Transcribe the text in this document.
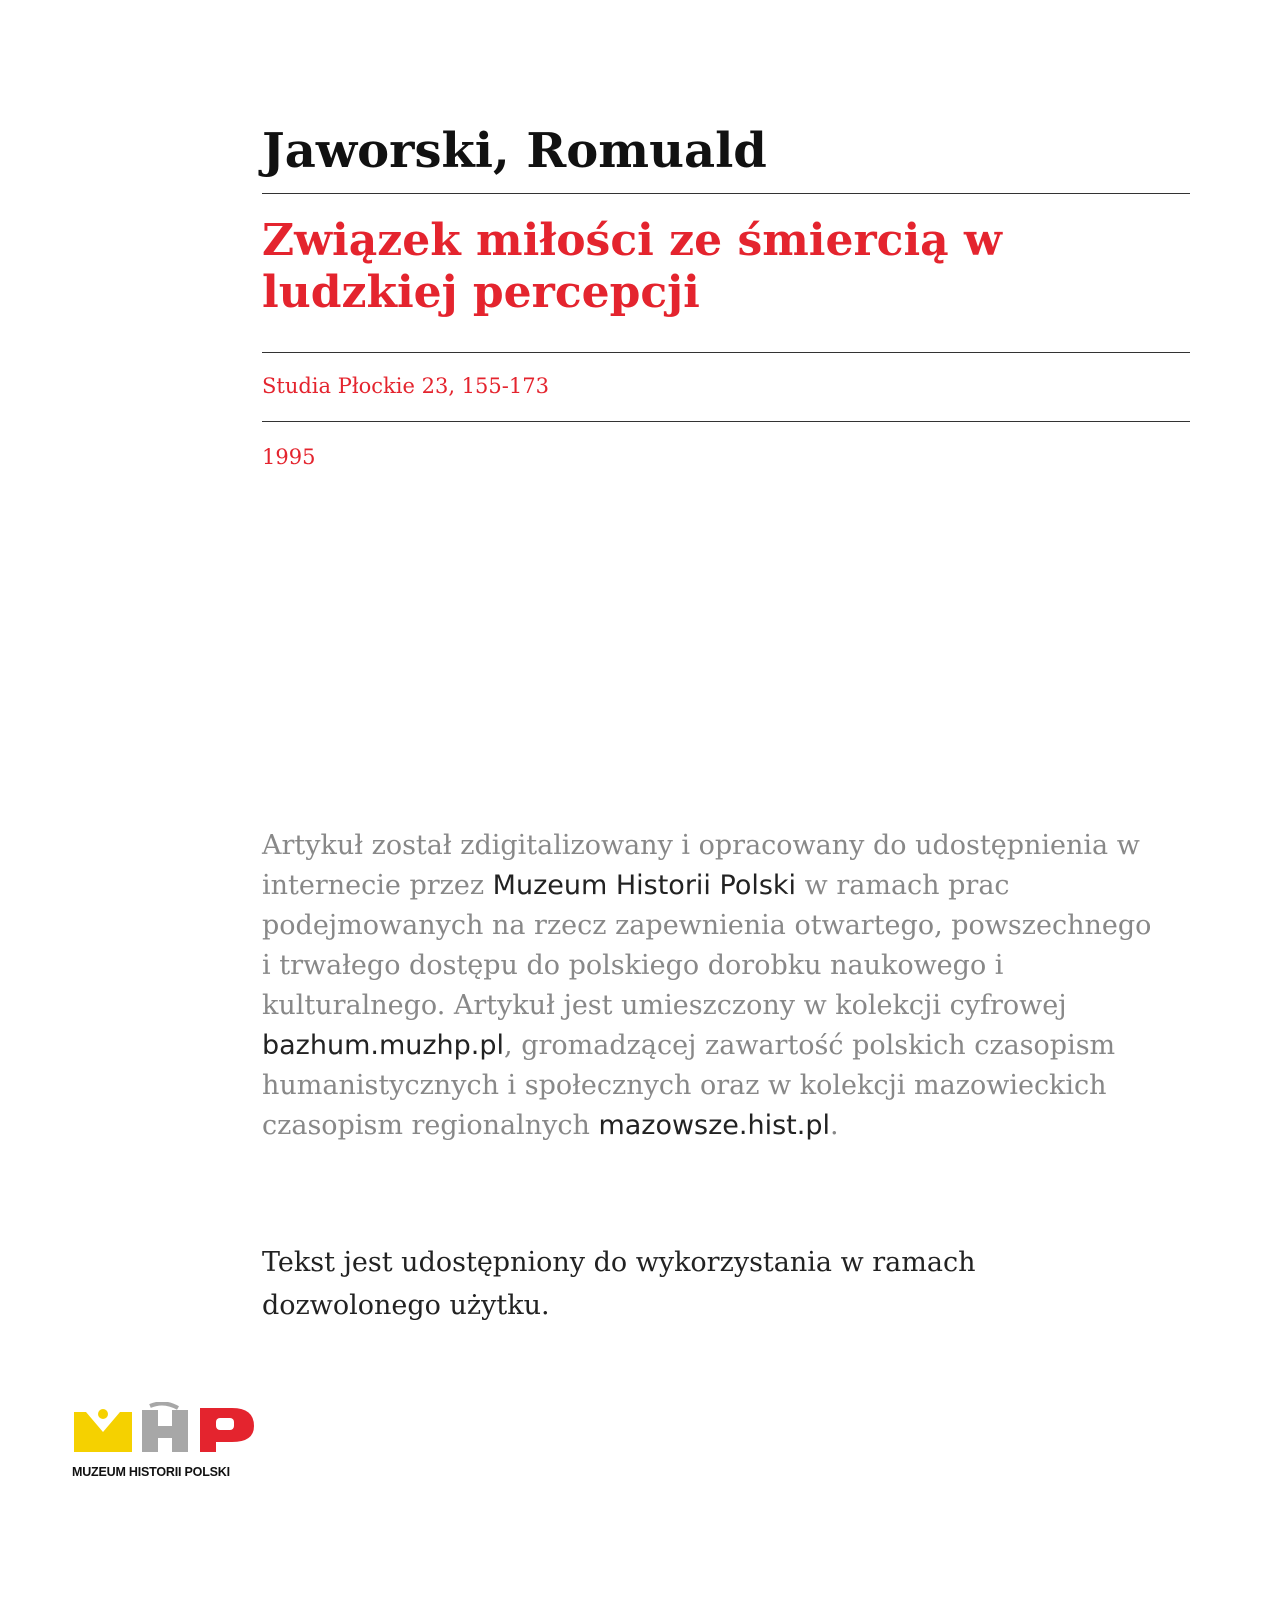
Jaworski, Romuald
Związek miłości ze śmiercią w ludzkiej percepcji
Studia Płockie 23, 155-173
1995

Artykuł został zdigitalizowany i opracowany do udostępnienia w internecie przez Muzeum Historii Polski w ramach prac podejmowanych na rzecz zapewnienia otwartego, powszechnego i trwałego dostępu do polskiego dorobku naukowego i kulturalnego. Artykuł jest umieszczony w kolekcji cyfrowej bazhum.muzhp.pl, gromadzącej zawartość polskich czasopism humanistycznych i społecznych oraz w kolekcji mazowieckich czasopism regionalnych mazowsze.hist.pl.

Tekst jest udostępniony do wykorzystania w ramach dozwolonego użytku.

MUZEUM HISTORII POLSKI
